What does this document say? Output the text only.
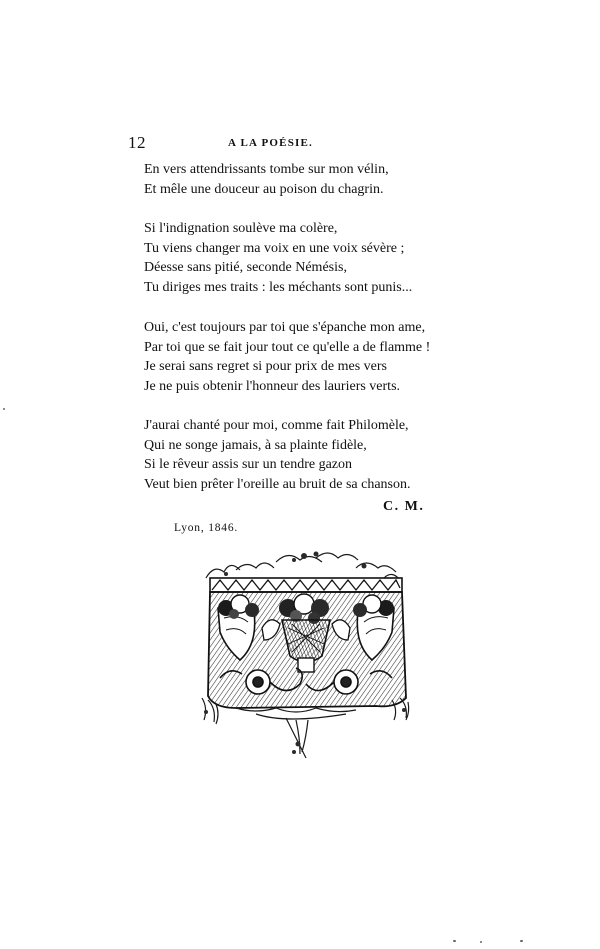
12	A LA POÉSIE.
En vers attendrissants tombe sur mon vélin,
Et mêle une douceur au poison du chagrin.
Si l'indignation soulève ma colère,
Tu viens changer ma voix en une voix sévère ;
Déesse sans pitié, seconde Némésis,
Tu diriges mes traits : les méchants sont punis...
Oui, c'est toujours par toi que s'épanche mon ame,
Par toi que se fait jour tout ce qu'elle a de flamme !
Je serai sans regret si pour prix de mes vers
Je ne puis obtenir l'honneur des lauriers verts.
J'aurai chanté pour moi, comme fait Philomèle,
Qui ne songe jamais, à sa plainte fidèle,
Si le rêveur assis sur un tendre gazon
Veut bien prêter l'oreille au bruit de sa chanson.
C. M.
Lyon, 1846.
